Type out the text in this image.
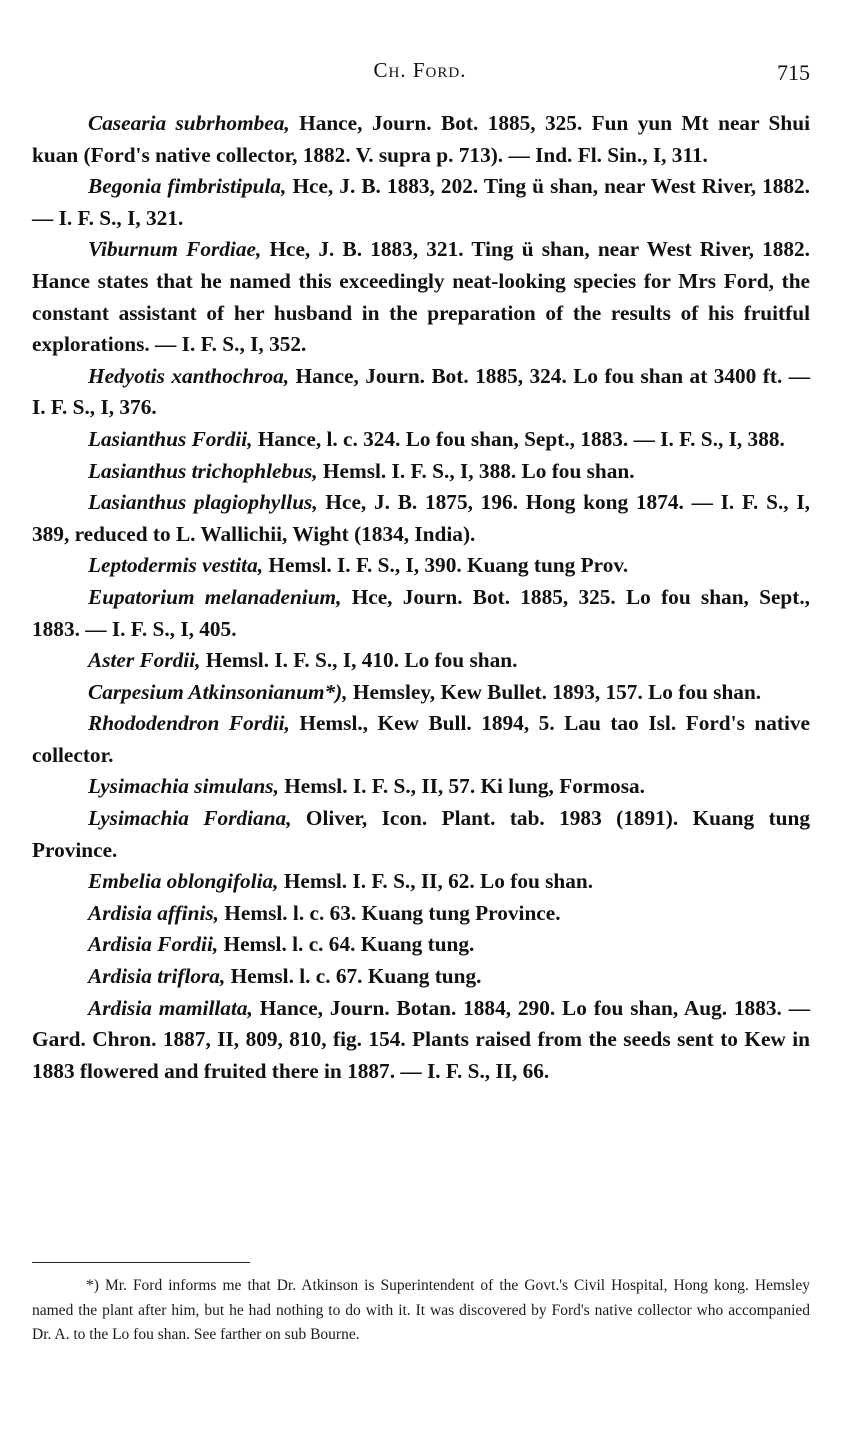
Ch. Ford.	715

Casearia subrhombea, Hance, Journ. Bot. 1885, 325. Fun yun Mt near Shui kuan (Ford's native collector, 1882. V. supra p. 713). — Ind. Fl. Sin., I, 311.

Begonia fimbristipula, Hce, J. B. 1883, 202. Ting ü shan, near West River, 1882. — I. F. S., I, 321.

Viburnum Fordiae, Hce, J. B. 1883, 321. Ting ü shan, near West River, 1882. Hance states that he named this exceedingly neat-looking species for Mrs Ford, the constant assistant of her husband in the preparation of the results of his fruitful explorations. — I. F. S., I, 352.

Hedyotis xanthochroa, Hance, Journ. Bot. 1885, 324. Lo fou shan at 3400 ft. — I. F. S., I, 376.

Lasianthus Fordii, Hance, l. c. 324. Lo fou shan, Sept., 1883. — I. F. S., I, 388.

Lasianthus trichophlebus, Hemsl. I. F. S., I, 388. Lo fou shan.

Lasianthus plagiophyllus, Hce, J. B. 1875, 196. Hong kong 1874. — I. F. S., I, 389, reduced to L. Wallichii, Wight (1834, India).

Leptodermis vestita, Hemsl. I. F. S., I, 390. Kuang tung Prov.

Eupatorium melanadenium, Hce, Journ. Bot. 1885, 325. Lo fou shan, Sept., 1883. — I. F. S., I, 405.

Aster Fordii, Hemsl. I. F. S., I, 410. Lo fou shan.

Carpesium Atkinsonianum*), Hemsley, Kew Bullet. 1893, 157. Lo fou shan.

Rhododendron Fordii, Hemsl., Kew Bull. 1894, 5. Lau tao Isl. Ford's native collector.

Lysimachia simulans, Hemsl. I. F. S., II, 57. Ki lung, Formosa.

Lysimachia Fordiana, Oliver, Icon. Plant. tab. 1983 (1891). Kuang tung Province.

Embelia oblongifolia, Hemsl. I. F. S., II, 62. Lo fou shan.

Ardisia affinis, Hemsl. l. c. 63. Kuang tung Province.

Ardisia Fordii, Hemsl. l. c. 64. Kuang tung.

Ardisia triflora, Hemsl. l. c. 67. Kuang tung.

Ardisia mamillata, Hance, Journ. Botan. 1884, 290. Lo fou shan, Aug. 1883. — Gard. Chron. 1887, II, 809, 810, fig. 154. Plants raised from the seeds sent to Kew in 1883 flowered and fruited there in 1887. — I. F. S., II, 66.

*) Mr. Ford informs me that Dr. Atkinson is Superintendent of the Govt.'s Civil Hospital, Hong kong. Hemsley named the plant after him, but he had nothing to do with it. It was discovered by Ford's native collector who accompanied Dr. A. to the Lo fou shan. See farther on sub Bourne.
